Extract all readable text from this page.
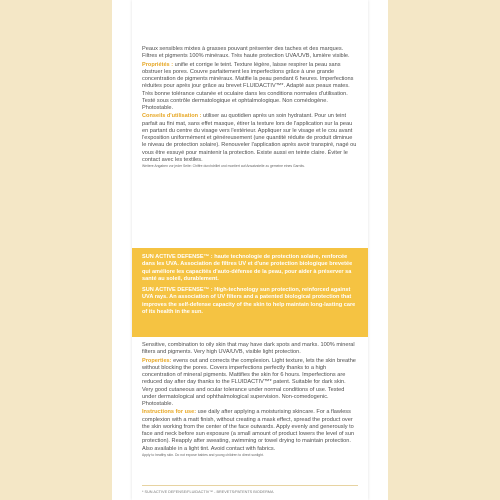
Peaux sensibles mixtes à grasses pouvant présenter des taches et des marques. Filtres et pigments 100% minéraux. Très haute protection UVA/UVB, lumière visible.

Propriétés : unifie et corrige le teint. Texture légère, laisse respirer la peau sans obstruer les pores. Couvre parfaitement les imperfections grâce à une grande concentration de pigments minéraux. Matifie la peau pendant 6 heures. Imperfections réduites pour après jour grâce au brevet FLUIDACTIV™*. Adapté aux peaux mates. Très bonne tolérance cutanée et oculaire dans les conditions normales d'utilisation. Testé sous contrôle dermatologique et ophtalmologique. Non comédogène. Photostable.

Conseils d'utilisation : utiliser au quotidien après un soin hydratant. Pour un teint parfait au fini mat, sans effet masque, étirer la texture lors de l'application sur la peau en partant du centre du visage vers l'extérieur. Appliquer sur le visage et le cou avant l'exposition uniformément et généreusement (une quantité réduite de produit diminue le niveau de protection solaire). Renouveler l'application après avoir transpiré, nagé ou vous être essuyé pour maintenir la protection. Existe aussi en teinte claire. Éviter le contact avec les textiles.

Weitere Angaben vor jeder Seite: Chiffre durchdrillet und montiert auf Ansatzstelle zu gemeine eines Garnits.

SUN ACTIVE DEFENSE™ : haute technologie de protection solaire, renforcée dans les UVA. Association de filtres UV et d'une protection biologique brevetée qui améliore les capacités d'auto-défense de la peau, pour aider à préserver sa santé au soleil, durablement.

SUN ACTIVE DEFENSE™ : High-technology sun protection, reinforced against UVA rays. An association of UV filters and a patented biological protection that improves the self-defense capacity of the skin to help maintain long-lasting care of its health in the sun.

Sensitive, combination to oily skin that may have dark spots and marks. 100% mineral filters and pigments. Very high UVA/UVB, visible light protection.

Properties: evens out and corrects the complexion. Light texture, lets the skin breathe without blocking the pores. Covers imperfections perfectly thanks to a high concentration of mineral pigments. Mattifies the skin for 6 hours. Imperfections are reduced day after day thanks to the FLUIDACTIV™* patent. Suitable for dark skin. Very good cutaneous and ocular tolerance under normal conditions of use. Tested under dermatological and ophthalmological supervision. Non-comedogenic. Photostable.

Instructions for use: use daily after applying a moisturising skincare. For a flawless complexion with a matt finish, without creating a mask effect, spread the product over the skin working from the center of the face outwards. Apply evenly and generously to face and neck before sun exposure (a small amount of product lowers the level of sun protection). Reapply after sweating, swimming or towel drying to maintain protection. Also available in a light tint. Avoid contact with fabrics.

Apply to healthy skin. Do not expose babies and young children to direct sunlight.

* SUN ACTIVE DEFENSE/FLUIDACTIV™ - BREVETS/PATENTS BIODERMA
